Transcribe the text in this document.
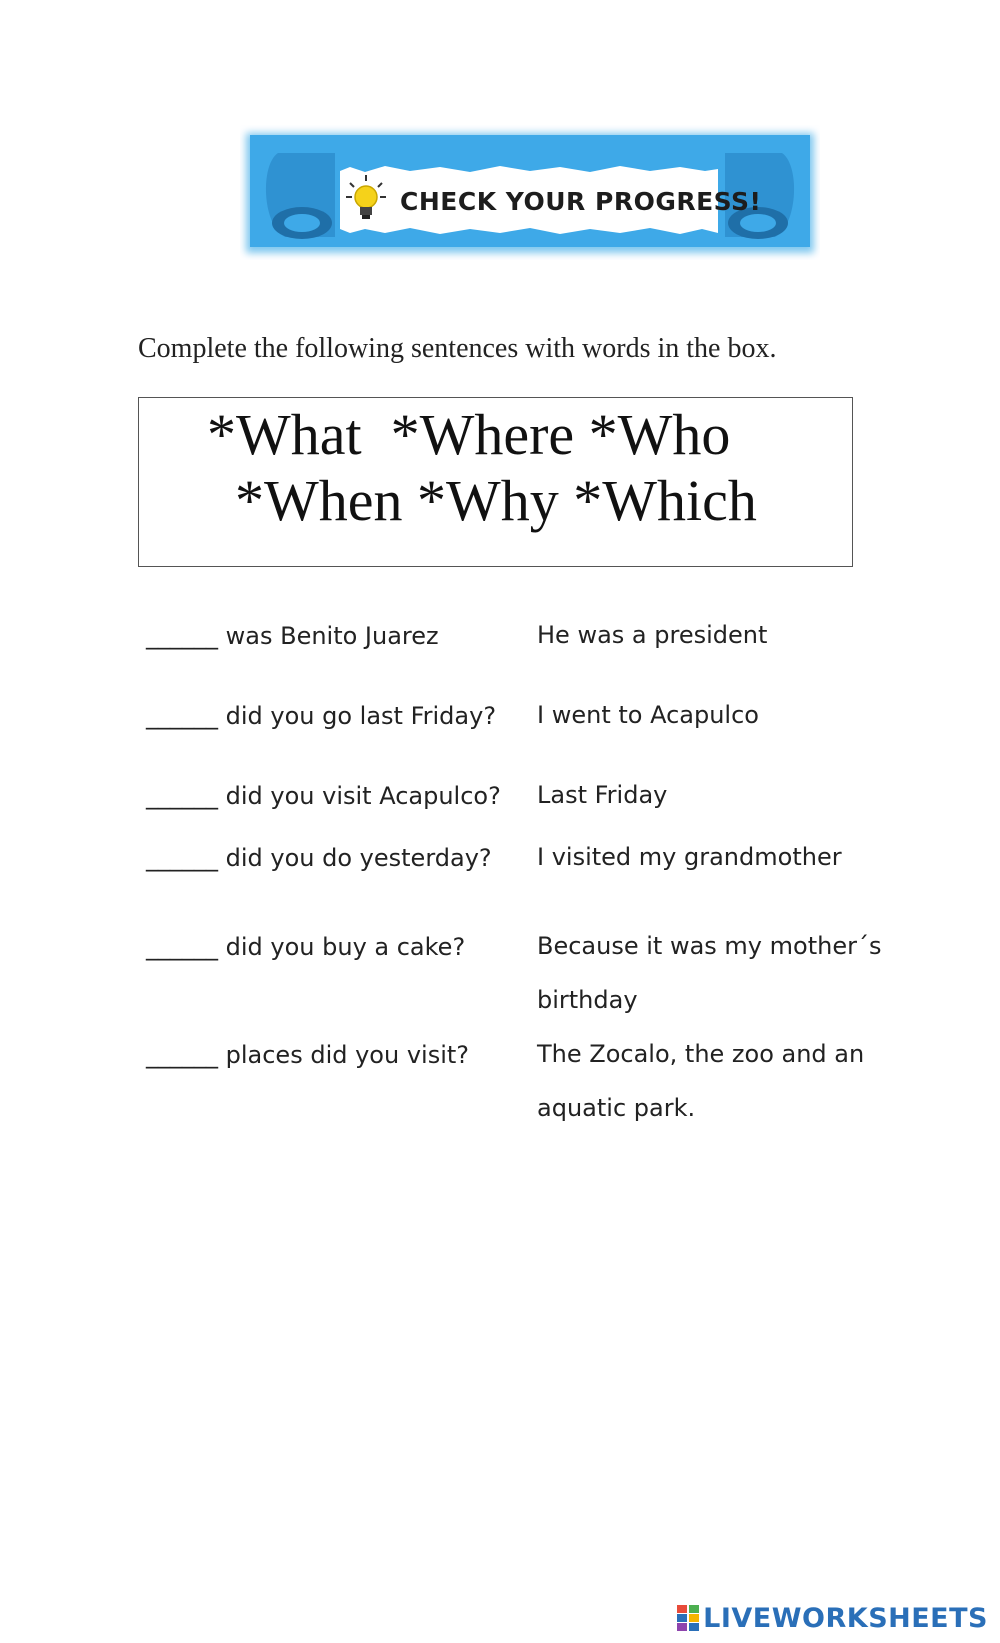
CHECK YOUR PROGRESS!
Complete the following sentences with words in the box.
*What  *Where *Who
*When *Why *Which
______ was Benito Juarez	He was a president
______ did you go last Friday? I went to Acapulco
______ did you visit Acapulco? Last Friday
______ did you do yesterday? I visited my grandmother
______ did you buy a cake?	Because it was my mother´s
birthday
______ places did you visit?	The Zocalo, the zoo and an
aquatic park.
LIVEWORKSHEETS
